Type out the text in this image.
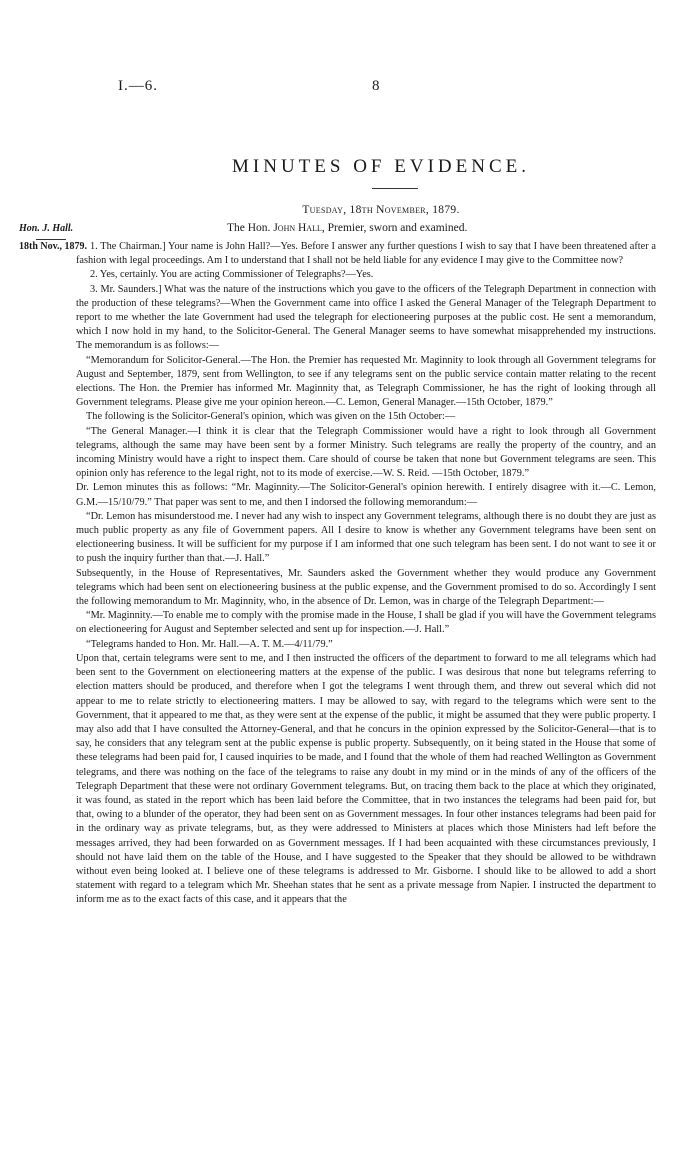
I.—6.	8
MINUTES OF EVIDENCE.
Tuesday, 18th November, 1879.
The Hon. John Hall, Premier, sworn and examined.
Hon. J. Hall.
18th Nov., 1879. 1. The Chairman.] Your name is John Hall?—Yes. Before I answer any further questions I wish to say that I have been threatened after a fashion with legal proceedings. Am I to understand that I shall not be held liable for any evidence I may give to the Committee now?

2. Yes, certainly. You are acting Commissioner of Telegraphs?—Yes.

3. Mr. Saunders.] What was the nature of the instructions which you gave to the officers of the Telegraph Department in connection with the production of these telegrams?—When the Government came into office I asked the General Manager of the Telegraph Department to report to me whether the late Government had used the telegraph for electioneering purposes at the public cost. He sent a memorandum, which I now hold in my hand, to the Solicitor-General. The General Manager seems to have somewhat misapprehended my instructions. The memorandum is as follows:—

“Memorandum for Solicitor-General.—The Hon. the Premier has requested Mr. Maginnity to look through all Government telegrams for August and September, 1879, sent from Wellington, to see if any telegrams sent on the public service contain matter relating to the recent elections. The Hon. the Premier has informed Mr. Maginnity that, as Telegraph Commissioner, he has the right of looking through all Government telegrams. Please give me your opinion hereon.—C. Lemon, General Manager.—15th October, 1879.”

The following is the Solicitor-General's opinion, which was given on the 15th October:—

“The General Manager.—I think it is clear that the Telegraph Commissioner would have a right to look through all Government telegrams, although the same may have been sent by a former Ministry. Such telegrams are really the property of the country, and an incoming Ministry would have a right to inspect them. Care should of course be taken that none but Government telegrams are seen. This opinion only has reference to the legal right, not to its mode of exercise.—W. S. Reid. —15th October, 1879.”

Dr. Lemon minutes this as follows: “Mr. Maginnity.—The Solicitor-General's opinion herewith. I entirely disagree with it.—C. Lemon, G.M.—15/10/79.” That paper was sent to me, and then I indorsed the following memorandum:—

“Dr. Lemon has misunderstood me. I never had any wish to inspect any Government telegrams, although there is no doubt they are just as much public property as any file of Government papers. All I desire to know is whether any Government telegrams have been sent on electioneering business. It will be sufficient for my purpose if I am informed that one such telegram has been sent. I do not want to see it or to push the inquiry further than that.—J. Hall.”

Subsequently, in the House of Representatives, Mr. Saunders asked the Government whether they would produce any Government telegrams which had been sent on electioneering business at the public expense, and the Government promised to do so. Accordingly I sent the following memorandum to Mr. Maginnity, who, in the absence of Dr. Lemon, was in charge of the Telegraph Department:—

“Mr. Maginnity.—To enable me to comply with the promise made in the House, I shall be glad if you will have the Government telegrams on electioneering for August and September selected and sent up for inspection.—J. Hall.”

“Telegrams handed to Hon. Mr. Hall.—A. T. M.—4/11/79.”

Upon that, certain telegrams were sent to me, and I then instructed the officers of the department to forward to me all telegrams which had been sent to the Government on electioneering matters at the expense of the public. I was desirous that none but telegrams referring to election matters should be produced, and therefore when I got the telegrams I went through them, and threw out several which did not appear to me to relate strictly to electioneering matters. I may be allowed to say, with regard to the telegrams which were sent to the Government, that it appeared to me that, as they were sent at the expense of the public, it might be assumed that they were public property. I may also add that I have consulted the Attorney-General, and that he concurs in the opinion expressed by the Solicitor-General—that is to say, he considers that any telegram sent at the public expense is public property. Subsequently, on it being stated in the House that some of these telegrams had been paid for, I caused inquiries to be made, and I found that the whole of them had reached Wellington as Government telegrams, and there was nothing on the face of the telegrams to raise any doubt in my mind or in the minds of any of the officers of the Telegraph Department that these were not ordinary Government telegrams. But, on tracing them back to the place at which they originated, it was found, as stated in the report which has been laid before the Committee, that in two instances the telegrams had been paid for, but that, owing to a blunder of the operator, they had been sent on as Government messages. In four other instances telegrams had been paid for in the ordinary way as private telegrams, but, as they were addressed to Ministers at places which those Ministers had left before the messages arrived, they had been forwarded on as Government messages. If I had been acquainted with these circumstances previously, I should not have laid them on the table of the House, and I have suggested to the Speaker that they should be allowed to be withdrawn without even being looked at. I believe one of these telegrams is addressed to Mr. Gisborne. I should like to be allowed to add a short statement with regard to a telegram which Mr. Sheehan states that he sent as a private message from Napier. I instructed the department to inform me as to the exact facts of this case, and it appears that the
